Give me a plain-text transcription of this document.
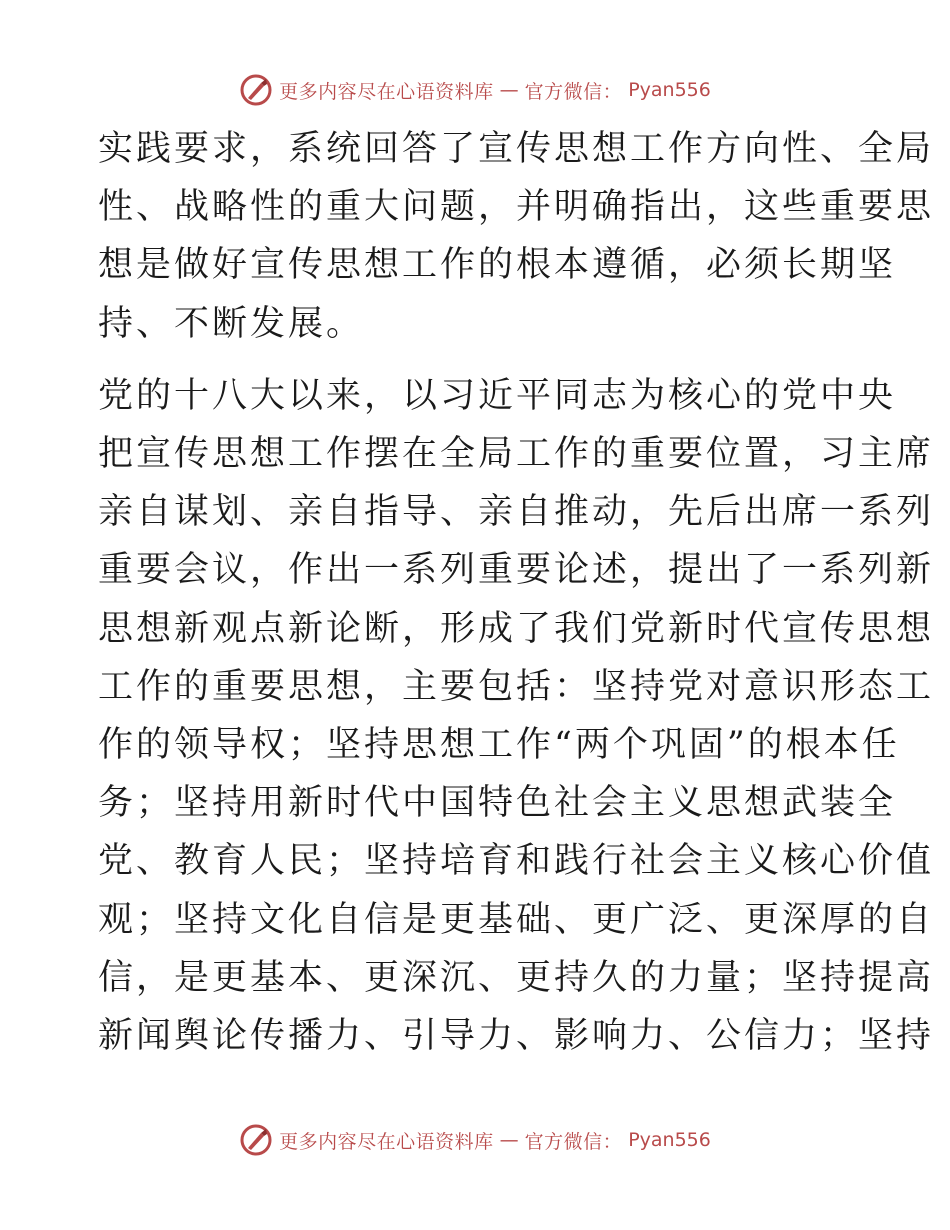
更多内容尽在心语资料库 — 官方微信： Pyan556

实践要求，系统回答了宣传思想工作方向性、全局
性、战略性的重大问题，并明确指出，这些重要思
想是做好宣传思想工作的根本遵循，必须长期坚
持、不断发展。

党的十八大以来，以习近平同志为核心的党中央
把宣传思想工作摆在全局工作的重要位置，习主席
亲自谋划、亲自指导、亲自推动，先后出席一系列
重要会议，作出一系列重要论述，提出了一系列新
思想新观点新论断，形成了我们党新时代宣传思想
工作的重要思想，主要包括：坚持党对意识形态工
作的领导权；坚持思想工作“两个巩固”的根本任
务；坚持用新时代中国特色社会主义思想武装全
党、教育人民；坚持培育和践行社会主义核心价值
观；坚持文化自信是更基础、更广泛、更深厚的自
信，是更基本、更深沉、更持久的力量；坚持提高
新闻舆论传播力、引导力、影响力、公信力；坚持

更多内容尽在心语资料库 — 官方微信： Pyan556
